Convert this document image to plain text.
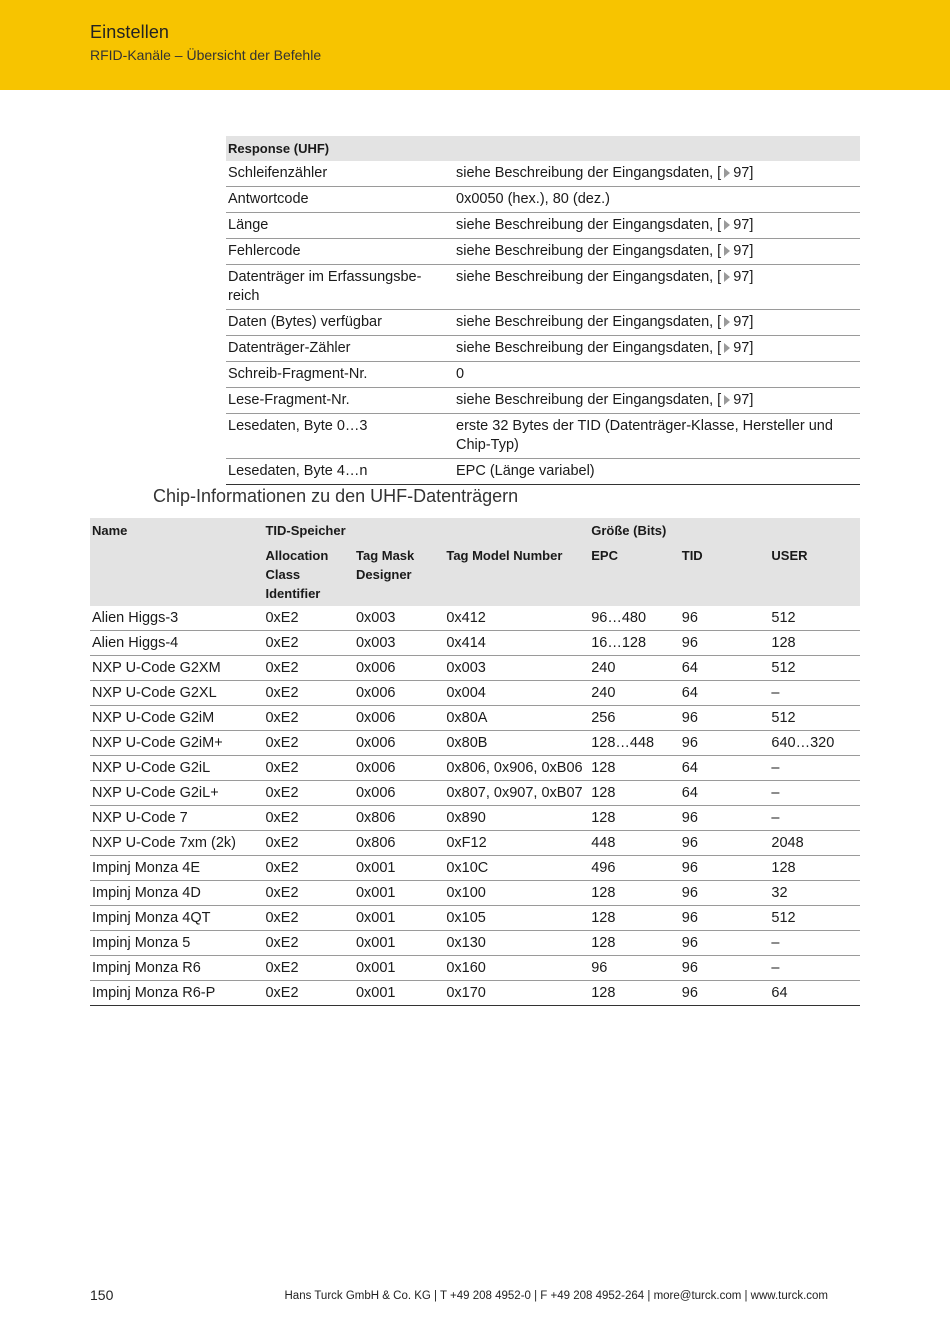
Einstellen
RFID-Kanäle – Übersicht der Befehle
Response (UHF)	
Schleifenzähler	siehe Beschreibung der Eingangsdaten, [ 97]
Antwortcode	0x0050 (hex.), 80 (dez.)
Länge	siehe Beschreibung der Eingangsdaten, [ 97]
Fehlercode	siehe Beschreibung der Eingangsdaten, [ 97]
Datenträger im Erfassungsbe-
reich	siehe Beschreibung der Eingangsdaten, [ 97]
Daten (Bytes) verfügbar	siehe Beschreibung der Eingangsdaten, [ 97]
Datenträger-Zähler	siehe Beschreibung der Eingangsdaten, [ 97]
Schreib-Fragment-Nr.	0
Lese-Fragment-Nr.	siehe Beschreibung der Eingangsdaten, [ 97]
Lesedaten, Byte 0…3	erste 32 Bytes der TID (Datenträger-Klasse, Hersteller und Chip-Typ)
Lesedaten, Byte 4…n	EPC (Länge variabel)
Chip-Informationen zu den UHF-Datenträgern
Name	TID-Speicher			Größe (Bits)		
	Allocation Class Identifier	Tag Mask Designer	Tag Model Number	EPC	TID	USER
Alien Higgs-3	0xE2	0x003	0x412	96…480	96	512
Alien Higgs-4	0xE2	0x003	0x414	16…128	96	128
NXP U-Code G2XM	0xE2	0x006	0x003	240	64	512
NXP U-Code G2XL	0xE2	0x006	0x004	240	64	–
NXP U-Code G2iM	0xE2	0x006	0x80A	256	96	512
NXP U-Code G2iM+	0xE2	0x006	0x80B	128…448	96	640…320
NXP U-Code G2iL	0xE2	0x006	0x806, 0x906, 0xB06	128	64	–
NXP U-Code G2iL+	0xE2	0x006	0x807, 0x907, 0xB07	128	64	–
NXP U-Code 7	0xE2	0x806	0x890	128	96	–
NXP U-Code 7xm (2k)	0xE2	0x806	0xF12	448	96	2048
Impinj Monza 4E	0xE2	0x001	0x10C	496	96	128
Impinj Monza 4D	0xE2	0x001	0x100	128	96	32
Impinj Monza 4QT	0xE2	0x001	0x105	128	96	512
Impinj Monza 5	0xE2	0x001	0x130	128	96	–
Impinj Monza R6	0xE2	0x001	0x160	96	96	–
Impinj Monza R6-P	0xE2	0x001	0x170	128	96	64
150	Hans Turck GmbH & Co. KG | T +49 208 4952-0 | F +49 208 4952-264 | more@turck.com | www.turck.com
